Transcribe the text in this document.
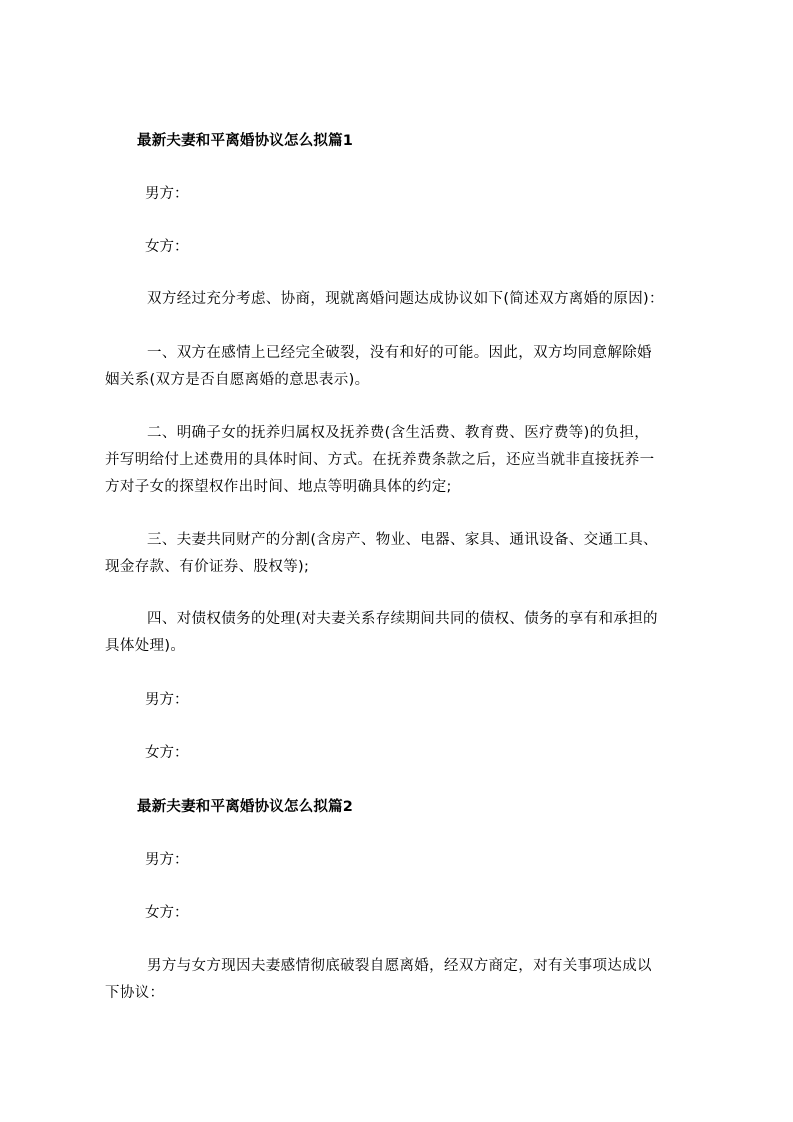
最新夫妻和平离婚协议怎么拟篇1
男方：
女方：
双方经过充分考虑、协商，现就离婚问题达成协议如下(简述双方离婚的原因)：
一、双方在感情上已经完全破裂，没有和好的可能。因此，双方均同意解除婚
姻关系(双方是否自愿离婚的意思表示)。
二、明确子女的抚养归属权及抚养费(含生活费、教育费、医疗费等)的负担，
并写明给付上述费用的具体时间、方式。在抚养费条款之后，还应当就非直接抚养一
方对子女的探望权作出时间、地点等明确具体的约定;
三、夫妻共同财产的分割(含房产、物业、电器、家具、通讯设备、交通工具、
现金存款、有价证券、股权等);
四、对债权债务的处理(对夫妻关系存续期间共同的债权、债务的享有和承担的
具体处理)。
男方：
女方：
最新夫妻和平离婚协议怎么拟篇2
男方：
女方：
男方与女方现因夫妻感情彻底破裂自愿离婚，经双方商定，对有关事项达成以
下协议：
